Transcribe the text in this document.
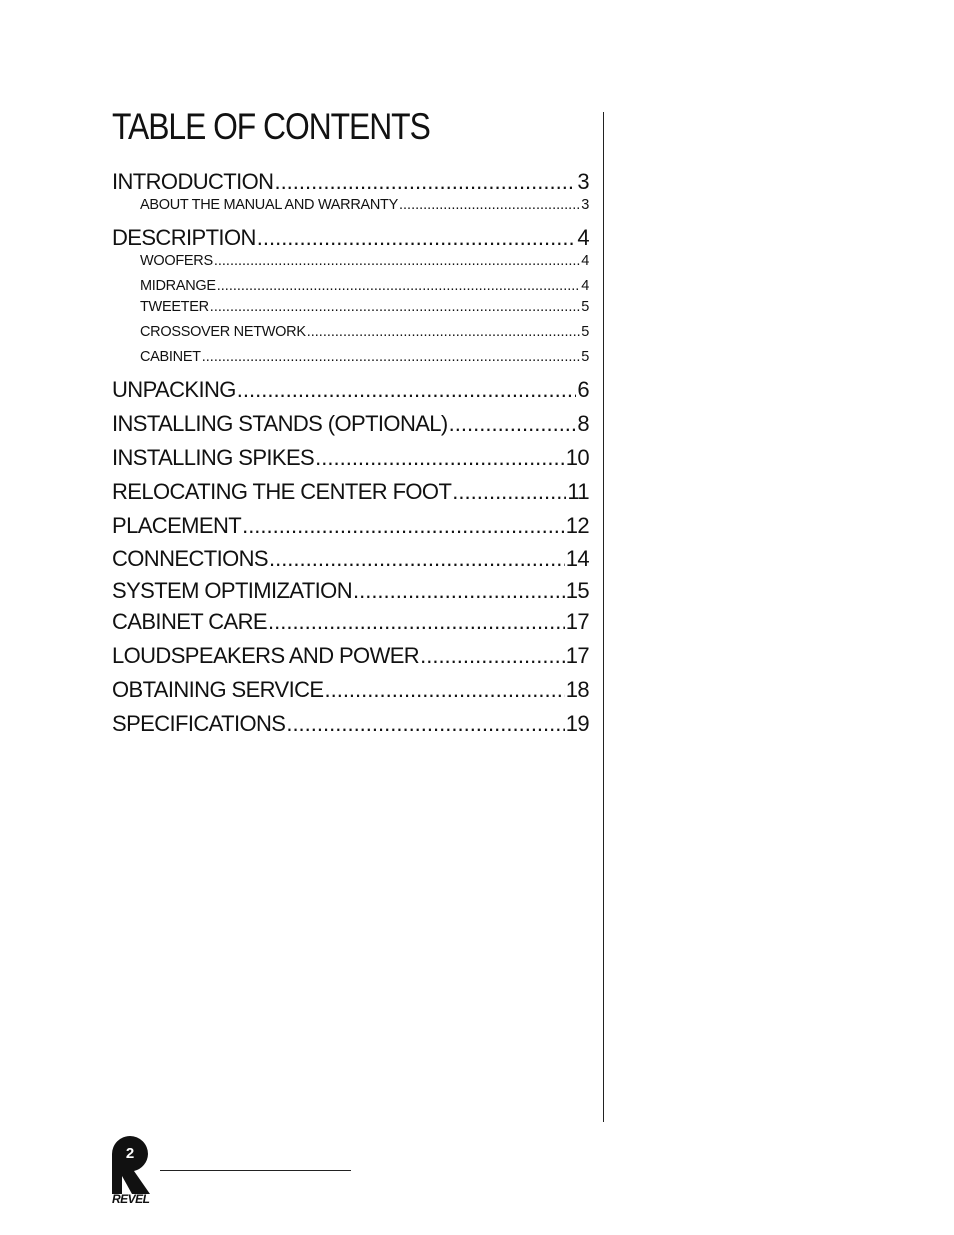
TABLE OF CONTENTS
INTRODUCTION .....	3
ABOUT THE MANUAL AND WARRANTY .....	3
DESCRIPTION .....	4
WOOFERS .....	4
MIDRANGE .....	4
TWEETER .....	5
CROSSOVER NETWORK .....	5
CABINET .....	5
UNPACKING .....	6
INSTALLING STANDS (OPTIONAL) .....	8
INSTALLING SPIKES .....	10
RELOCATING THE CENTER FOOT .....	11
PLACEMENT .....	12
CONNECTIONS .....	14
SYSTEM OPTIMIZATION .....	15
CABINET CARE .....	17
LOUDSPEAKERS AND POWER .....	17
OBTAINING SERVICE .....	18
SPECIFICATIONS .....	19
2
REVEL
